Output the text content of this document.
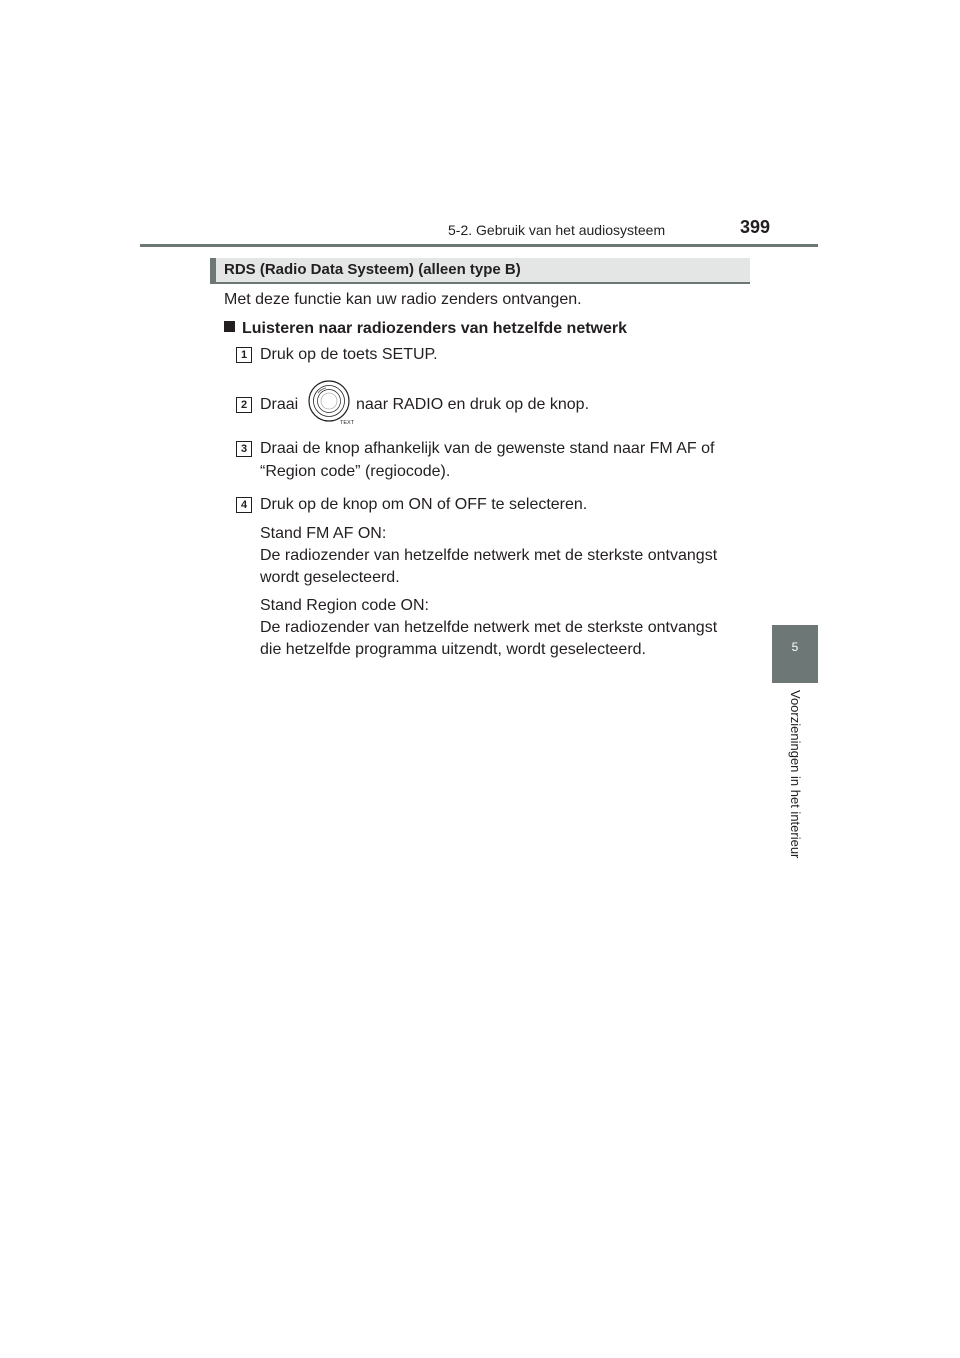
5-2. Gebruik van het audiosysteem	399
5
Voorzieningen in het interieur
RDS (Radio Data Systeem) (alleen type B)
Met deze functie kan uw radio zenders ontvangen.
Luisteren naar radiozenders van hetzelfde netwerk
1 Druk op de toets SETUP.
2 Draai
TEXT
naar RADIO en druk op de knop.
3 Draai de knop afhankelijk van de gewenste stand naar FM AF of
“Region code” (regiocode).
4 Druk op de knop om ON of OFF te selecteren.
Stand FM AF ON:
De radiozender van hetzelfde netwerk met de sterkste ontvangst
wordt geselecteerd.
Stand Region code ON:
De radiozender van hetzelfde netwerk met de sterkste ontvangst
die hetzelfde programma uitzendt, wordt geselecteerd.
